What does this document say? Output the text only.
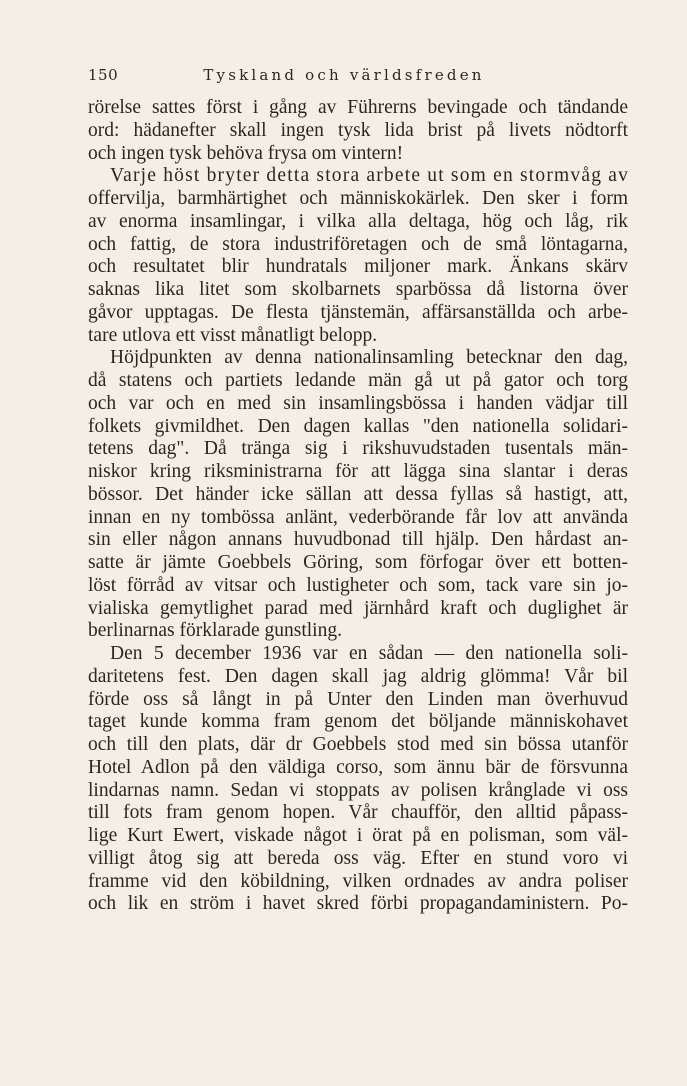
150	Tyskland och världsfreden
rörelse sattes först i gång av Führerns bevingade och tändande
ord: hädanefter skall ingen tysk lida brist på livets nödtorft
och ingen tysk behöva frysa om vintern!
Varje höst bryter detta stora arbete ut som en stormvåg av
offervilja, barmhärtighet och människokärlek. Den sker i form
av enorma insamlingar, i vilka alla deltaga, hög och låg, rik
och fattig, de stora industriföretagen och de små löntagarna,
och resultatet blir hundratals miljoner mark. Änkans skärv
saknas lika litet som skolbarnets sparbössa då listorna över
gåvor upptagas. De flesta tjänstemän, affärsanställda och arbe-
tare utlova ett visst månatligt belopp.
Höjdpunkten av denna nationalinsamling betecknar den dag,
då statens och partiets ledande män gå ut på gator och torg
och var och en med sin insamlingsbössa i handen vädjar till
folkets givmildhet. Den dagen kallas "den nationella solidari-
tetens dag". Då tränga sig i rikshuvudstaden tusentals män-
niskor kring riksministrarna för att lägga sina slantar i deras
bössor. Det händer icke sällan att dessa fyllas så hastigt, att,
innan en ny tombössa anlänt, vederbörande får lov att använda
sin eller någon annans huvudbonad till hjälp. Den hårdast an-
satte är jämte Goebbels Göring, som förfogar över ett botten-
löst förråd av vitsar och lustigheter och som, tack vare sin jo-
vialiska gemytlighet parad med järnhård kraft och duglighet är
berlinarnas förklarade gunstling.
Den 5 december 1936 var en sådan — den nationella soli-
daritetens fest. Den dagen skall jag aldrig glömma! Vår bil
förde oss så långt in på Unter den Linden man överhuvud
taget kunde komma fram genom det böljande människohavet
och till den plats, där dr Goebbels stod med sin bössa utanför
Hotel Adlon på den väldiga corso, som ännu bär de försvunna
lindarnas namn. Sedan vi stoppats av polisen krånglade vi oss
till fots fram genom hopen. Vår chaufför, den alltid påpass-
lige Kurt Ewert, viskade något i örat på en polisman, som väl-
villigt åtog sig att bereda oss väg. Efter en stund voro vi
framme vid den köbildning, vilken ordnades av andra poliser
och lik en ström i havet skred förbi propagandaministern. Po-
